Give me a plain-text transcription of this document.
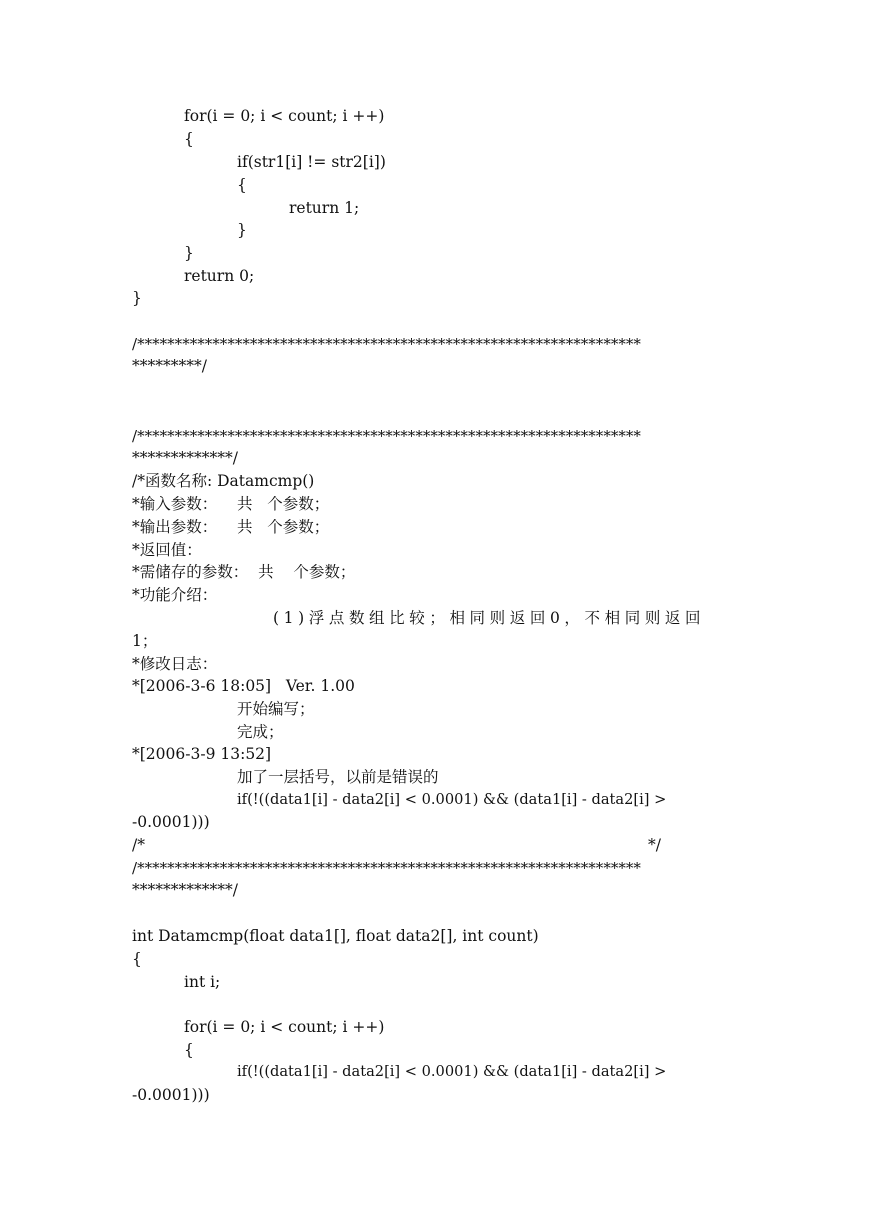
for(i = 0; i < count; i ++)
{
if(str1[i] != str2[i])
{
return 1;
}
}
return 0;
}
/*******************************************************************
*********/
/*******************************************************************
*************/
/*函数名称: Datamcmp()
*输入参数：    共   个参数；
*输出参数：    共   个参数；
*返回值：
*需储存的参数：  共    个参数；
*功能介绍：
(1)浮点数组比较；相同则返回0，不相同则返回
1；
*修改日志：
*[2006-3-6 18:05]   Ver. 1.00
开始编写；
完成；
*[2006-3-9 13:52]
加了一层括号，以前是错误的
if(!((data1[i] - data2[i] < 0.0001) && (data1[i] - data2[i] >
-0.0001)))
/*	*/
/*******************************************************************
*************/
int Datamcmp(float data1[], float data2[], int count)
{
int i;
for(i = 0; i < count; i ++)
{
if(!((data1[i] - data2[i] < 0.0001) && (data1[i] - data2[i] >
-0.0001)))
